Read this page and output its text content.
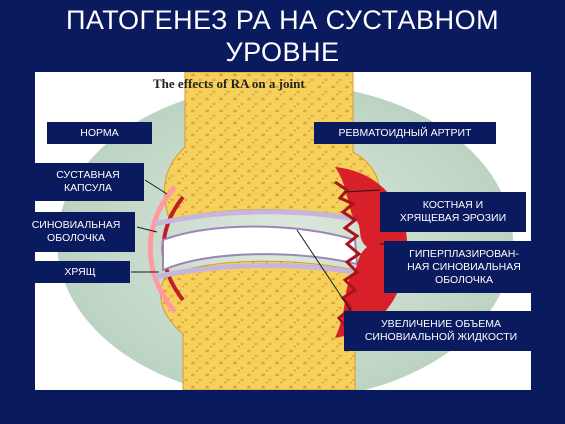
ПАТОГЕНЕЗ РА НА СУСТАВНОМ
УРОВНЕ
The effects of RA on a joint
НОРМА	РЕВМАТОИДНЫЙ АРТРИТ
СУСТАВНАЯ
КАПСУЛА
СИНОВИАЛЬНАЯ
ОБОЛОЧКА
ХРЯЩ
КОСТНАЯ И
ХРЯЩЕВАЯ ЭРОЗИИ
ГИПЕРПЛАЗИРОВАН-
НАЯ СИНОВИАЛЬНАЯ
ОБОЛОЧКА
УВЕЛИЧЕНИЕ ОБЪЕМА
СИНОВИАЛЬНОЙ ЖИДКОСТИ
